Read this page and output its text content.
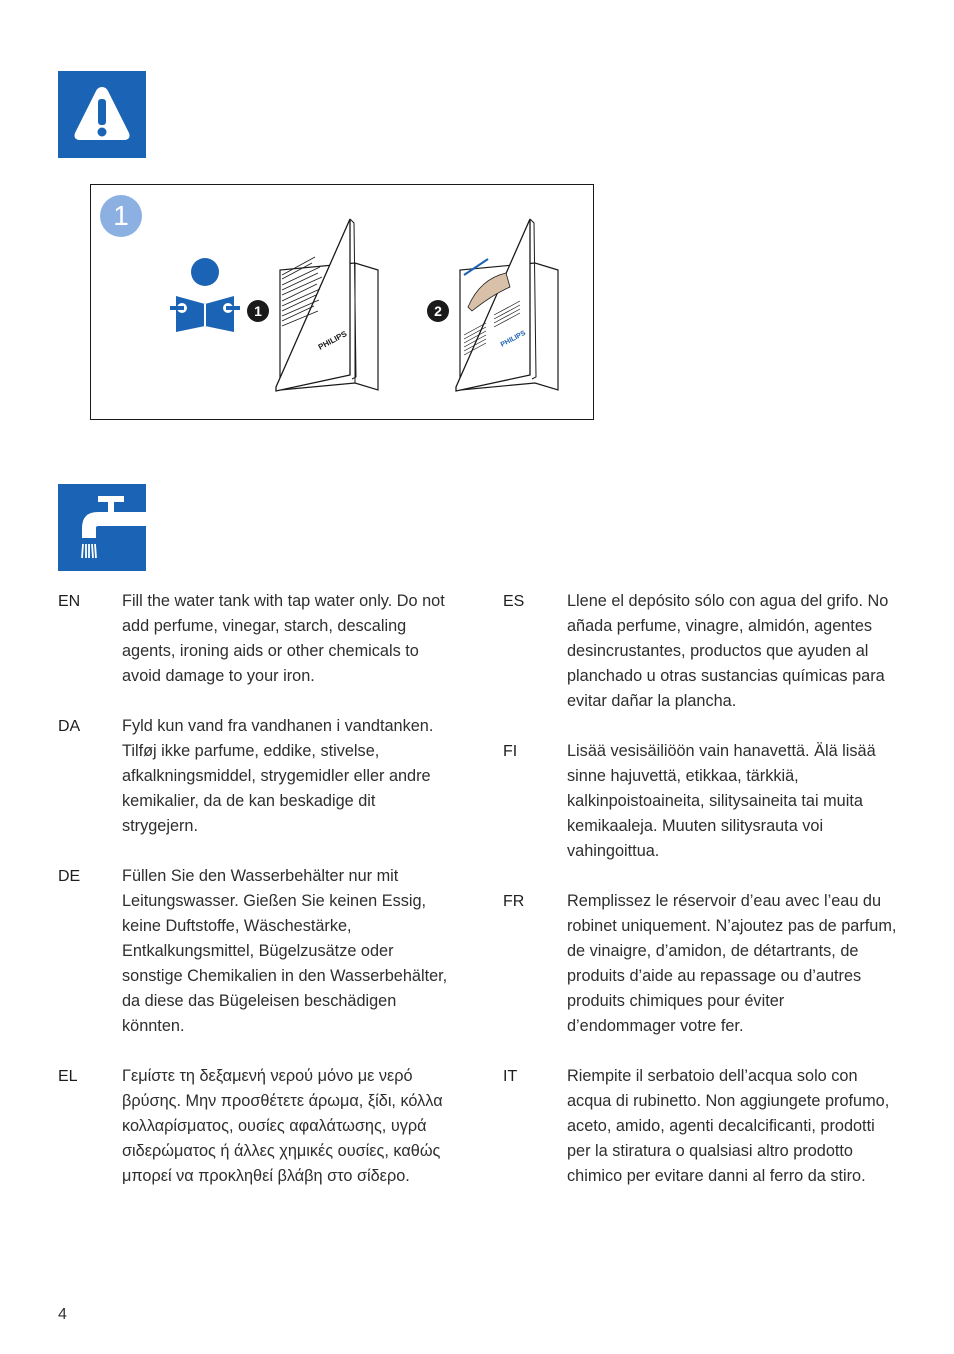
1
1
PHILIPS
2
PHILIPS
EN	Fill the water tank with tap water only. Do not add perfume, vinegar, starch, descaling agents, ironing aids or other chemicals to avoid damage to your iron.
DA	Fyld kun vand fra vandhanen i vandtanken. Tilføj ikke parfume, eddike, stivelse, afkalkningsmiddel, strygemidler eller andre kemikalier, da de kan beskadige dit strygejern.
DE	Füllen Sie den Wasserbehälter nur mit Leitungswasser. Gießen Sie keinen Essig, keine Duftstoffe, Wäschestärke, Entkalkungsmittel, Bügelzusätze oder sonstige Chemikalien in den Wasserbehälter, da diese das Bügeleisen beschädigen könnten.
EL	Γεμίστε τη δεξαμενή νερού μόνο με νερό βρύσης. Μην προσθέτετε άρωμα, ξίδι, κόλλα κολλαρίσματος, ουσίες αφαλάτωσης, υγρά σιδερώματος ή άλλες χημικές ουσίες, καθώς μπορεί να προκληθεί βλάβη στο σίδερο.
ES	Llene el depósito sólo con agua del grifo. No añada perfume, vinagre, almidón, agentes desincrustantes, productos que ayuden al planchado u otras sustancias químicas para evitar dañar la plancha.
FI	Lisää vesisäiliöön vain hanavettä. Älä lisää sinne hajuvettä, etikkaa, tärkkiä, kalkinpoistoaineita, silitysaineita tai muita kemikaaleja. Muuten silitysrauta voi vahingoittua.
FR	Remplissez le réservoir d’eau avec l’eau du robinet uniquement. N’ajoutez pas de parfum, de vinaigre, d’amidon, de détartrants, de produits d’aide au repassage ou d’autres produits chimiques pour éviter d’endommager votre fer.
IT	Riempite il serbatoio dell’acqua solo con acqua di rubinetto. Non aggiungete profumo, aceto, amido, agenti decalcificanti, prodotti per la stiratura o qualsiasi altro prodotto chimico per evitare danni al ferro da stiro.
4
